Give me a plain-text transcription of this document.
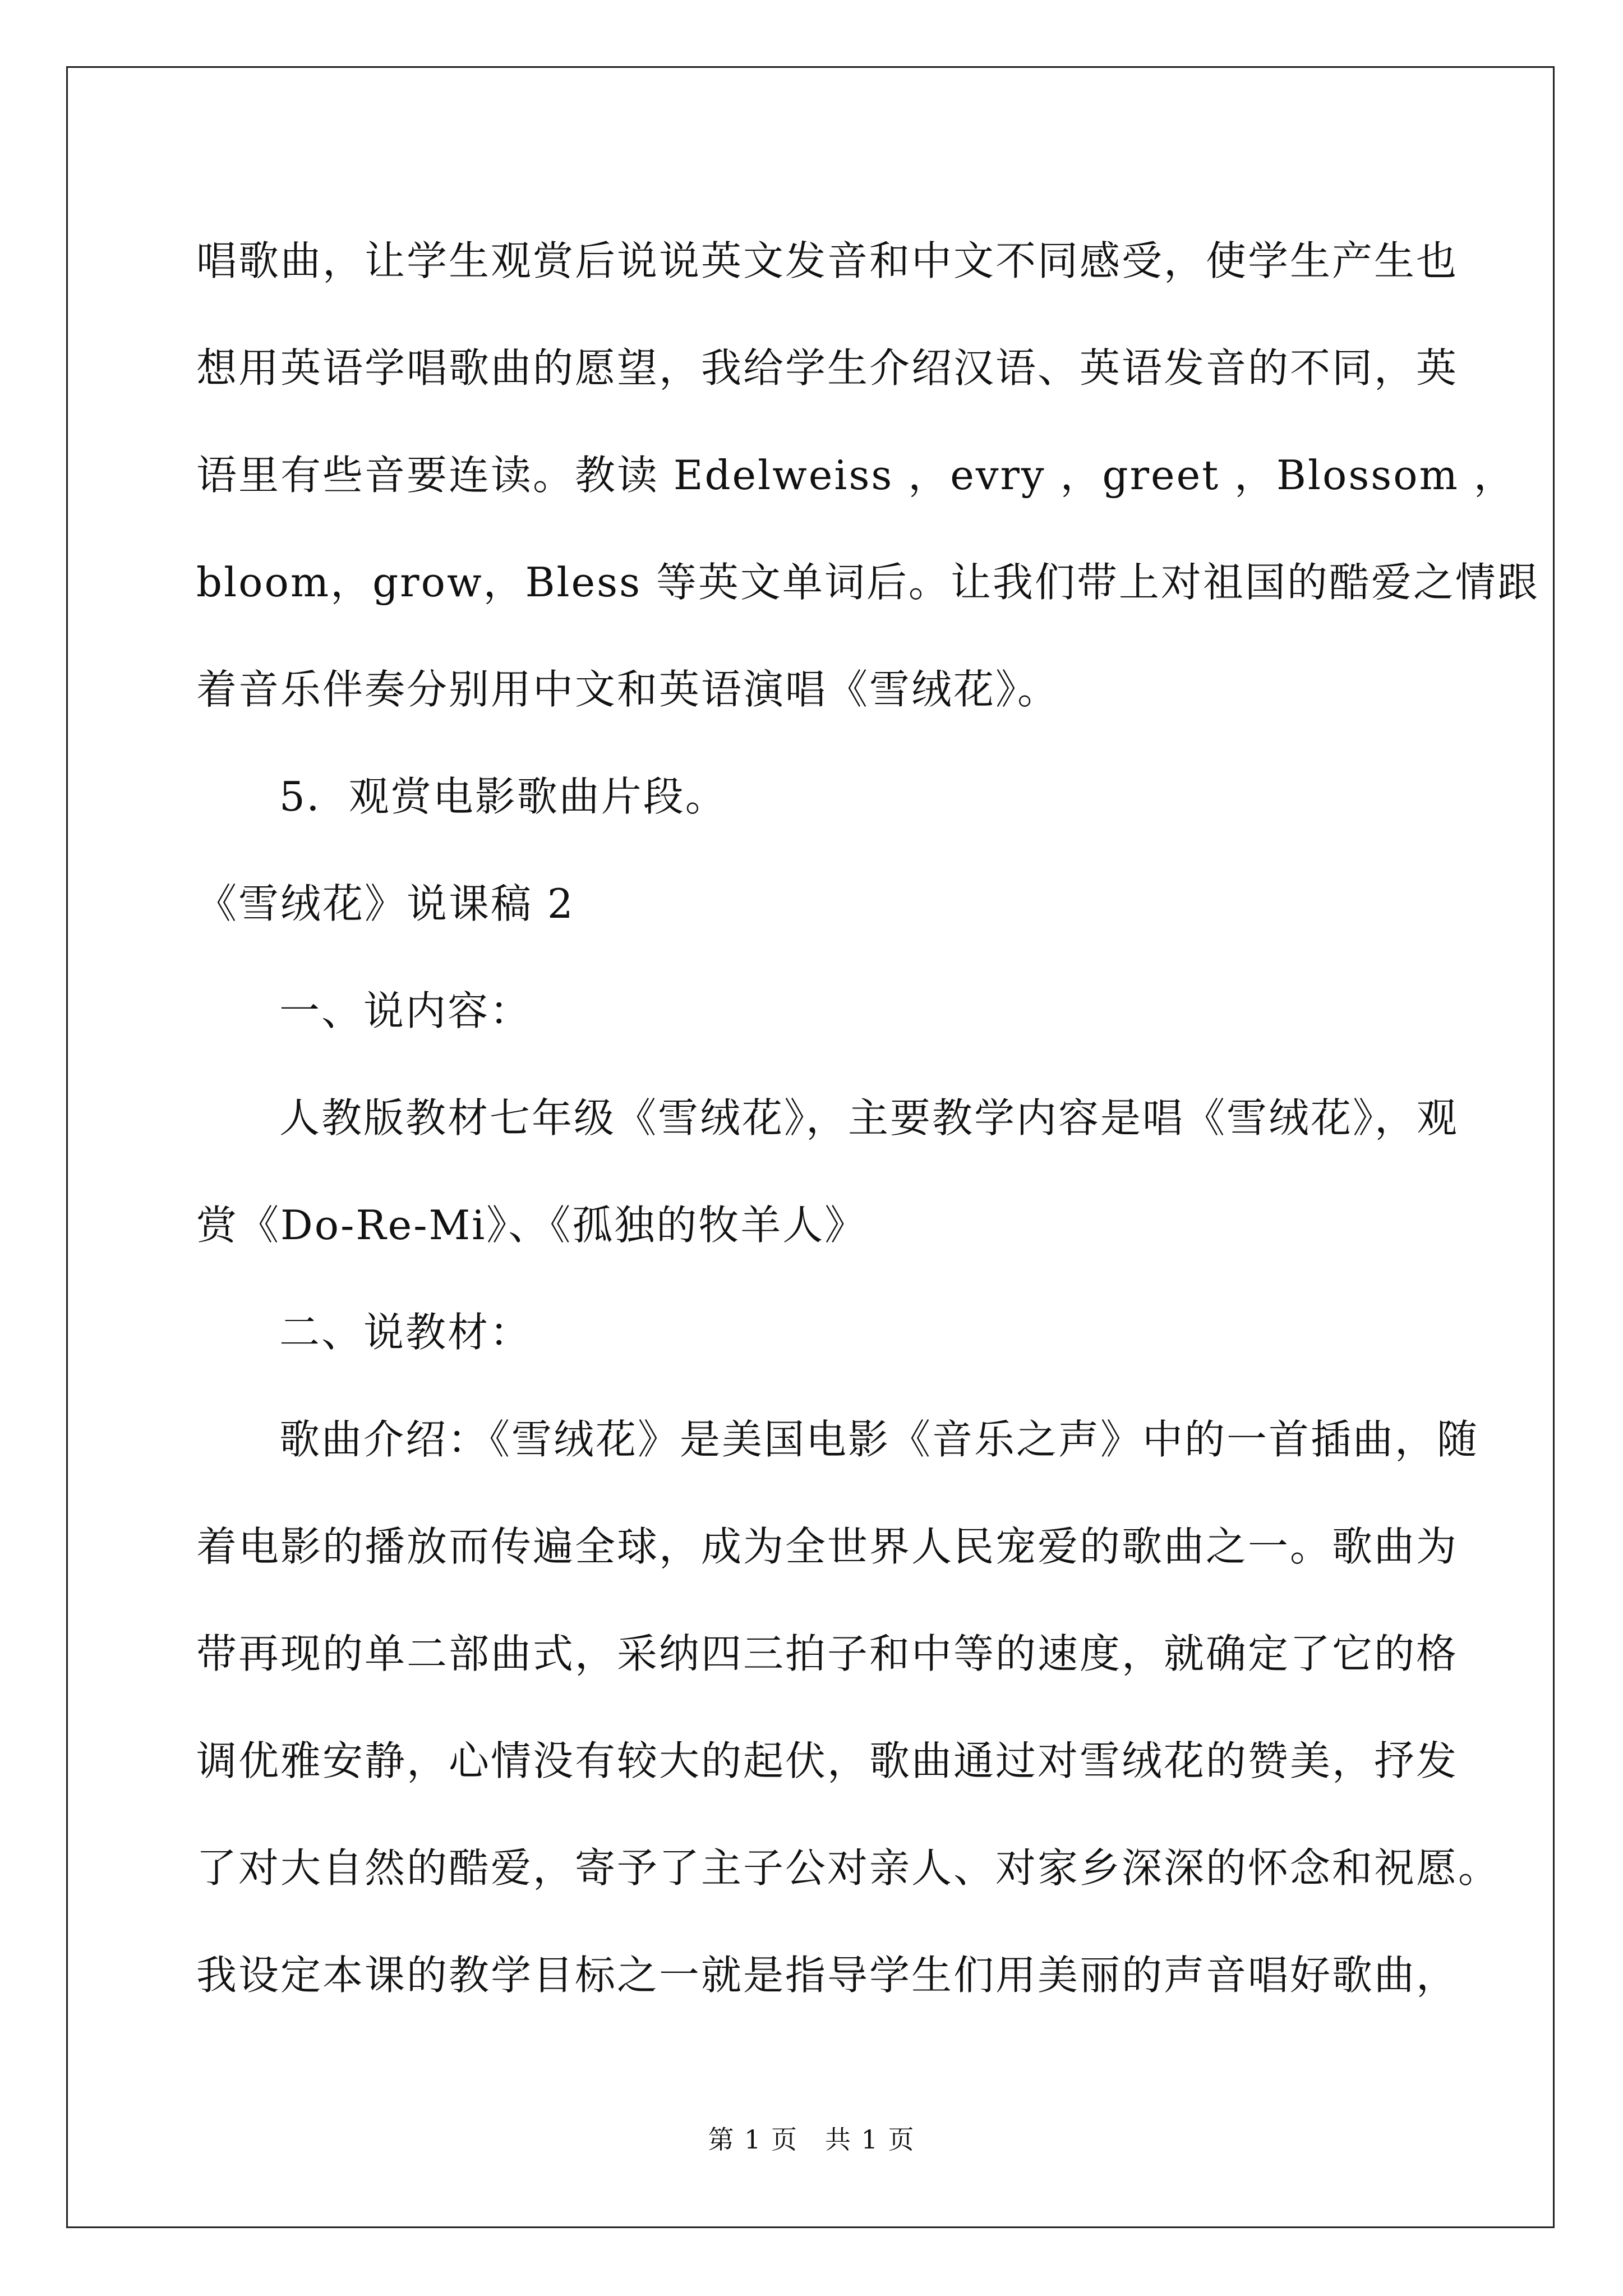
唱歌曲，让学生观赏后说说英文发音和中文不同感受，使学生产生也
想用英语学唱歌曲的愿望，我给学生介绍汉语、英语发音的不同，英
语里有些音要连读。教读 Edelweiss ，evry ，greet ，Blossom ，
bloom，grow，Bless 等英文单词后。让我们带上对祖国的酷爱之情跟
着音乐伴奏分别用中文和英语演唱《雪绒花》。
5．观赏电影歌曲片段。
《雪绒花》说课稿 2
一、说内容：
人教版教材七年级《雪绒花》，主要教学内容是唱《雪绒花》，观
赏《Do-Re-Mi》、《孤独的牧羊人》
二、说教材：
歌曲介绍：《雪绒花》是美国电影《音乐之声》中的一首插曲，随
着电影的播放而传遍全球，成为全世界人民宠爱的歌曲之一。歌曲为
带再现的单二部曲式，采纳四三拍子和中等的速度，就确定了它的格
调优雅安静，心情没有较大的起伏，歌曲通过对雪绒花的赞美，抒发
了对大自然的酷爱，寄予了主子公对亲人、对家乡深深的怀念和祝愿。
我设定本课的教学目标之一就是指导学生们用美丽的声音唱好歌曲，
第 1 页　共 1 页
